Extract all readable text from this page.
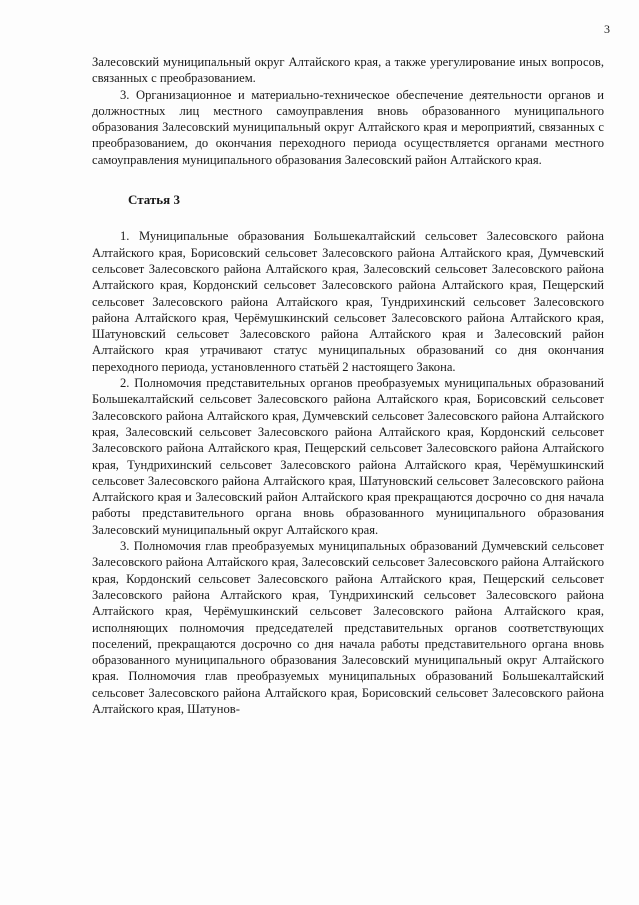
3

Залесовский муниципальный округ Алтайского края, а также урегулирование иных вопросов, связанных с преобразованием.

3. Организационное и материально-техническое обеспечение деятельности органов и должностных лиц местного самоуправления вновь образованного муниципального образования Залесовский муниципальный округ Алтайского края и мероприятий, связанных с преобразованием, до окончания переходного периода осуществляется органами местного самоуправления муниципального образования Залесовский район Алтайского края.

Статья 3

1. Муниципальные образования Большекалтайский сельсовет Залесовского района Алтайского края, Борисовский сельсовет Залесовского района Алтайского края, Думчевский сельсовет Залесовского района Алтайского края, Залесовский сельсовет Залесовского района Алтайского края, Кордонский сельсовет Залесовского района Алтайского края, Пещерский сельсовет Залесовского района Алтайского края, Тундрихинский сельсовет Залесовского района Алтайского края, Черёмушкинский сельсовет Залесовского района Алтайского края, Шатуновский сельсовет Залесовского района Алтайского края и Залесовский район Алтайского края утрачивают статус муниципальных образований со дня окончания переходного периода, установленного статьёй 2 настоящего Закона.

2. Полномочия представительных органов преобразуемых муниципальных образований Большекалтайский сельсовет Залесовского района Алтайского края, Борисовский сельсовет Залесовского района Алтайского края, Думчевский сельсовет Залесовского района Алтайского края, Залесовский сельсовет Залесовского района Алтайского края, Кордонский сельсовет Залесовского района Алтайского края, Пещерский сельсовет Залесовского района Алтайского края, Тундрихинский сельсовет Залесовского района Алтайского края, Черёмушкинский сельсовет Залесовского района Алтайского края, Шатуновский сельсовет Залесовского района Алтайского края и Залесовский район Алтайского края прекращаются досрочно со дня начала работы представительного органа вновь образованного муниципального образования Залесовский муниципальный округ Алтайского края.

3. Полномочия глав преобразуемых муниципальных образований Думчевский сельсовет Залесовского района Алтайского края, Залесовский сельсовет Залесовского района Алтайского края, Кордонский сельсовет Залесовского района Алтайского края, Пещерский сельсовет Залесовского района Алтайского края, Тундрихинский сельсовет Залесовского района Алтайского края, Черёмушкинский сельсовет Залесовского района Алтайского края, исполняющих полномочия председателей представительных органов соответствующих поселений, прекращаются досрочно со дня начала работы представительного органа вновь образованного муниципального образования Залесовский муниципальный округ Алтайского края. Полномочия глав преобразуемых муниципальных образований Большекалтайский сельсовет Залесовского района Алтайского края, Борисовский сельсовет Залесовского района Алтайского края, Шатунов-
